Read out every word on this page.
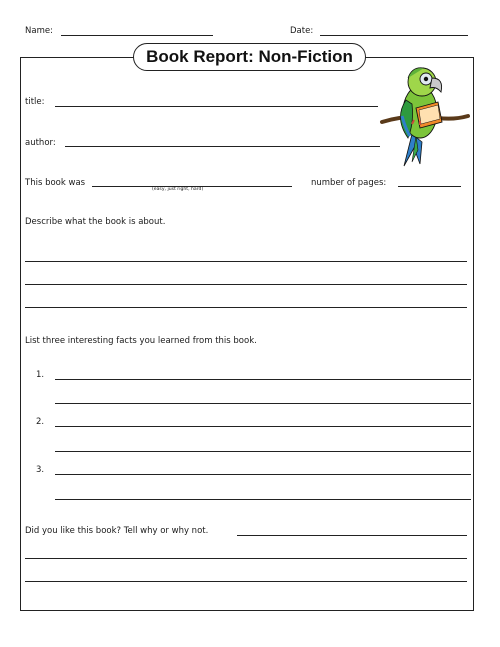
Name:	Date:
Book Report: Non-Fiction
title:
author:
This book was
(easy, just right, hard)
number of pages:
Describe what the book is about.
List three interesting facts you learned from this book.
1.
2.
3.
Did you like this book? Tell why or why not.
